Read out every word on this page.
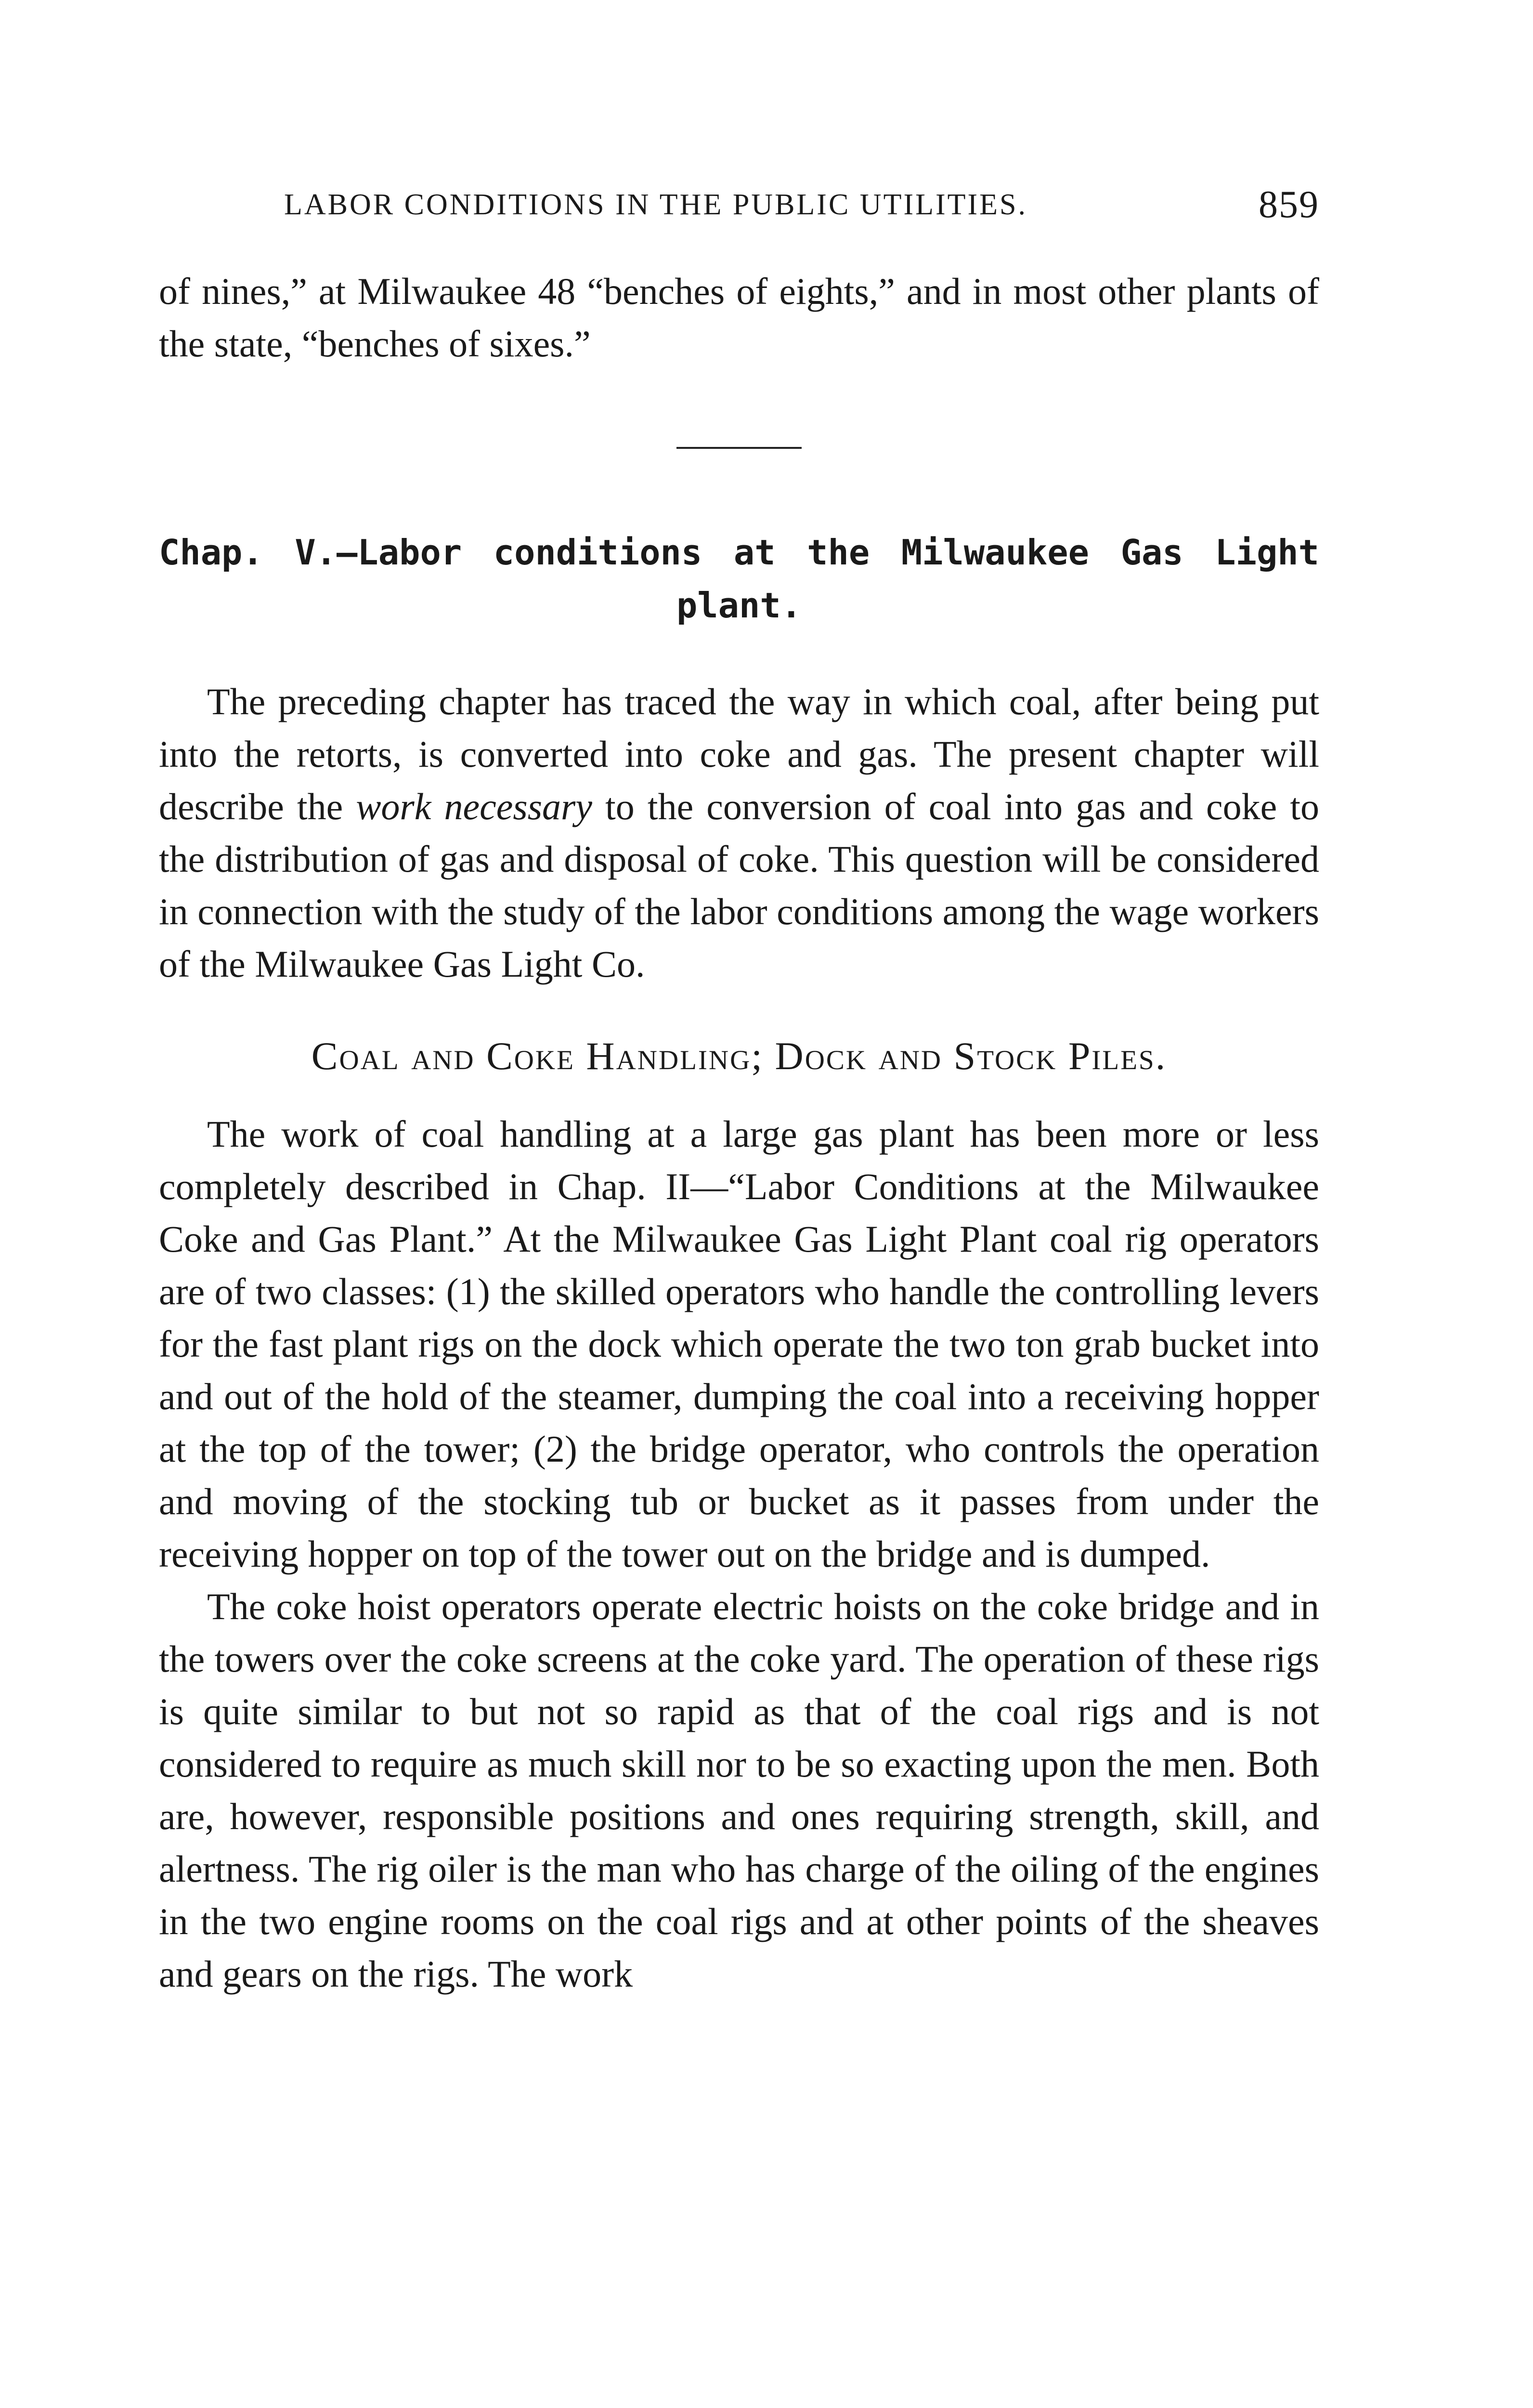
LABOR CONDITIONS IN THE PUBLIC UTILITIES.	859

of nines,” at Milwaukee 48 “benches of eights,” and in most other plants of the state, “benches of sixes.”

Chap. V.—Labor conditions at the Milwaukee Gas Light
plant.

The preceding chapter has traced the way in which coal, after being put into the retorts, is converted into coke and gas. The present chapter will describe the work necessary to the conversion of coal into gas and coke to the distribution of gas and disposal of coke. This question will be considered in connection with the study of the labor conditions among the wage workers of the Milwaukee Gas Light Co.

Coal and Coke Handling; Dock and Stock Piles.

The work of coal handling at a large gas plant has been more or less completely described in Chap. II—“Labor Conditions at the Milwaukee Coke and Gas Plant.” At the Milwaukee Gas Light Plant coal rig operators are of two classes: (1) the skilled operators who handle the controlling levers for the fast plant rigs on the dock which operate the two ton grab bucket into and out of the hold of the steamer, dumping the coal into a receiving hopper at the top of the tower; (2) the bridge operator, who controls the operation and moving of the stocking tub or bucket as it passes from under the receiving hopper on top of the tower out on the bridge and is dumped.

The coke hoist operators operate electric hoists on the coke bridge and in the towers over the coke screens at the coke yard. The operation of these rigs is quite similar to but not so rapid as that of the coal rigs and is not considered to require as much skill nor to be so exacting upon the men. Both are, however, responsible positions and ones requiring strength, skill, and alertness. The rig oiler is the man who has charge of the oiling of the engines in the two engine rooms on the coal rigs and at other points of the sheaves and gears on the rigs. The work
